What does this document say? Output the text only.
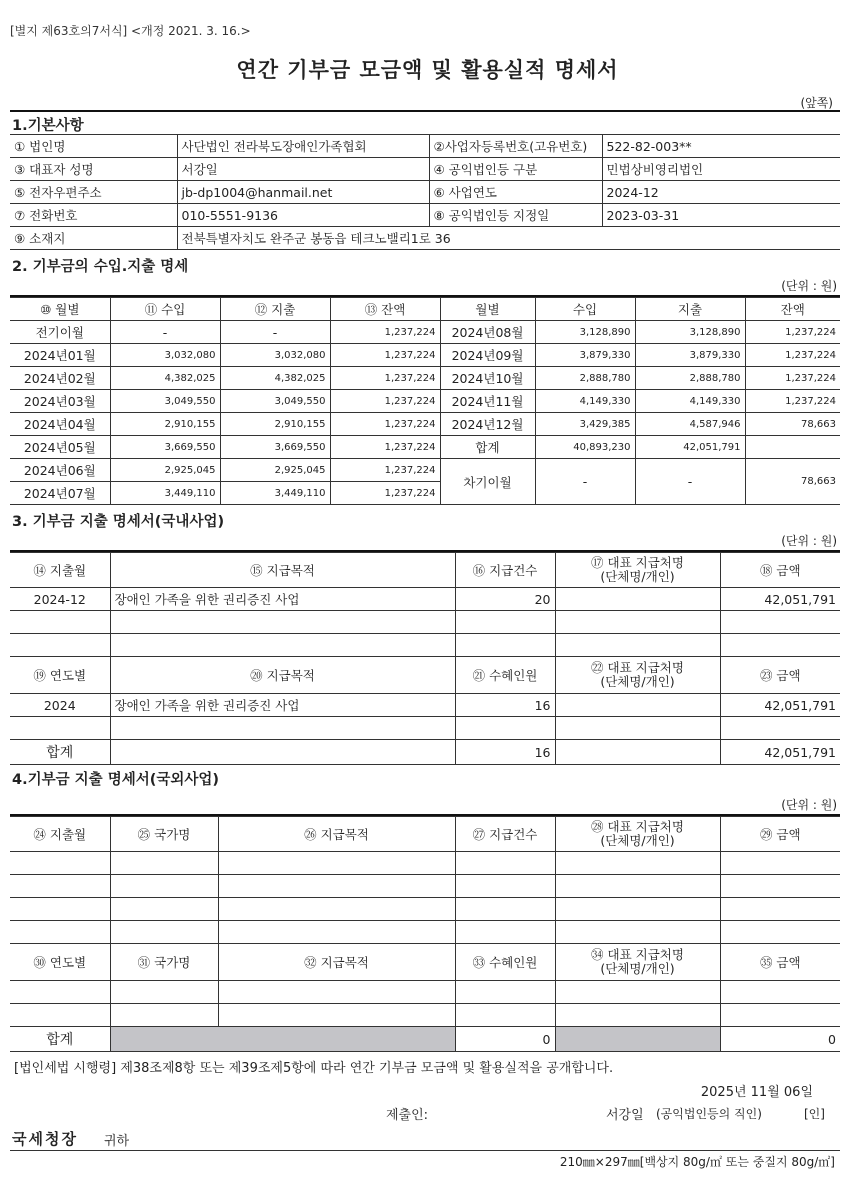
[별지 제63호의7서식] <개정 2021. 3. 16.>
연간 기부금 모금액 및 활용실적 명세서
(앞쪽)
1.기본사항
① 법인명	사단법인 전라북도장애인가족협회	②사업자등록번호(고유번호)	522-82-003**
③ 대표자 성명	서강일	④ 공익법인등 구분	민법상비영리법인
⑤ 전자우편주소	jb-dp1004@hanmail.net	⑥ 사업연도	2024-12
⑦ 전화번호	010-5551-9136	⑧ 공익법인등 지정일	2023-03-31
⑨ 소재지	전북특별자치도 완주군 봉동읍 테크노밸리1로 36		
2. 기부금의 수입.지출 명세
(단위 : 원)
⑩ 월별	⑪ 수입	⑫ 지출	⑬ 잔액	월별	수입	지출	잔액
전기이월	-	-	1,237,224	2024년08월	3,128,890	3,128,890	1,237,224
2024년01월	3,032,080	3,032,080	1,237,224	2024년09월	3,879,330	3,879,330	1,237,224
2024년02월	4,382,025	4,382,025	1,237,224	2024년10월	2,888,780	2,888,780	1,237,224
2024년03월	3,049,550	3,049,550	1,237,224	2024년11월	4,149,330	4,149,330	1,237,224
2024년04월	2,910,155	2,910,155	1,237,224	2024년12월	3,429,385	4,587,946	78,663
2024년05월	3,669,550	3,669,550	1,237,224	합계	40,893,230	42,051,791	
2024년06월	2,925,045	2,925,045	1,237,224	차기이월	-	-	78,663
2024년07월	3,449,110	3,449,110	1,237,224				
3. 기부금 지출 명세서(국내사업)
(단위 : 원)
⑭ 지출월	⑮ 지급목적	⑯ 지급건수	⑰ 대표 지급처명
(단체명/개인)	⑱ 금액
2024-12	장애인 가족을 위한 권리증진 사업	20		42,051,791

⑲ 연도별	⑳ 지급목적	㉑ 수혜인원	㉒ 대표 지급처명
(단체명/개인)	㉓ 금액
2024	장애인 가족을 위한 권리증진 사업	16		42,051,791

합계		16		42,051,791
4.기부금 지출 명세서(국외사업)
(단위 : 원)
㉔ 지출월	㉕ 국가명	㉖ 지급목적	㉗ 지급건수	㉘ 대표 지급처명
(단체명/개인)	㉙ 금액

㉚ 연도별	㉛ 국가명	㉜ 지급목적	㉝ 수혜인원	㉞ 대표 지급처명
(단체명/개인)	㉟ 금액

합계			0		0
[법인세법 시행령] 제38조제8항 또는 제39조제5항에 따라 연간 기부금 모금액 및 활용실적을 공개합니다.
2025년 11월 06일
제출인:	서강일 (공익법인등의 직인)	[인]
국세청장 귀하
210㎜×297㎜[백상지 80g/㎡ 또는 중질지 80g/㎡]
